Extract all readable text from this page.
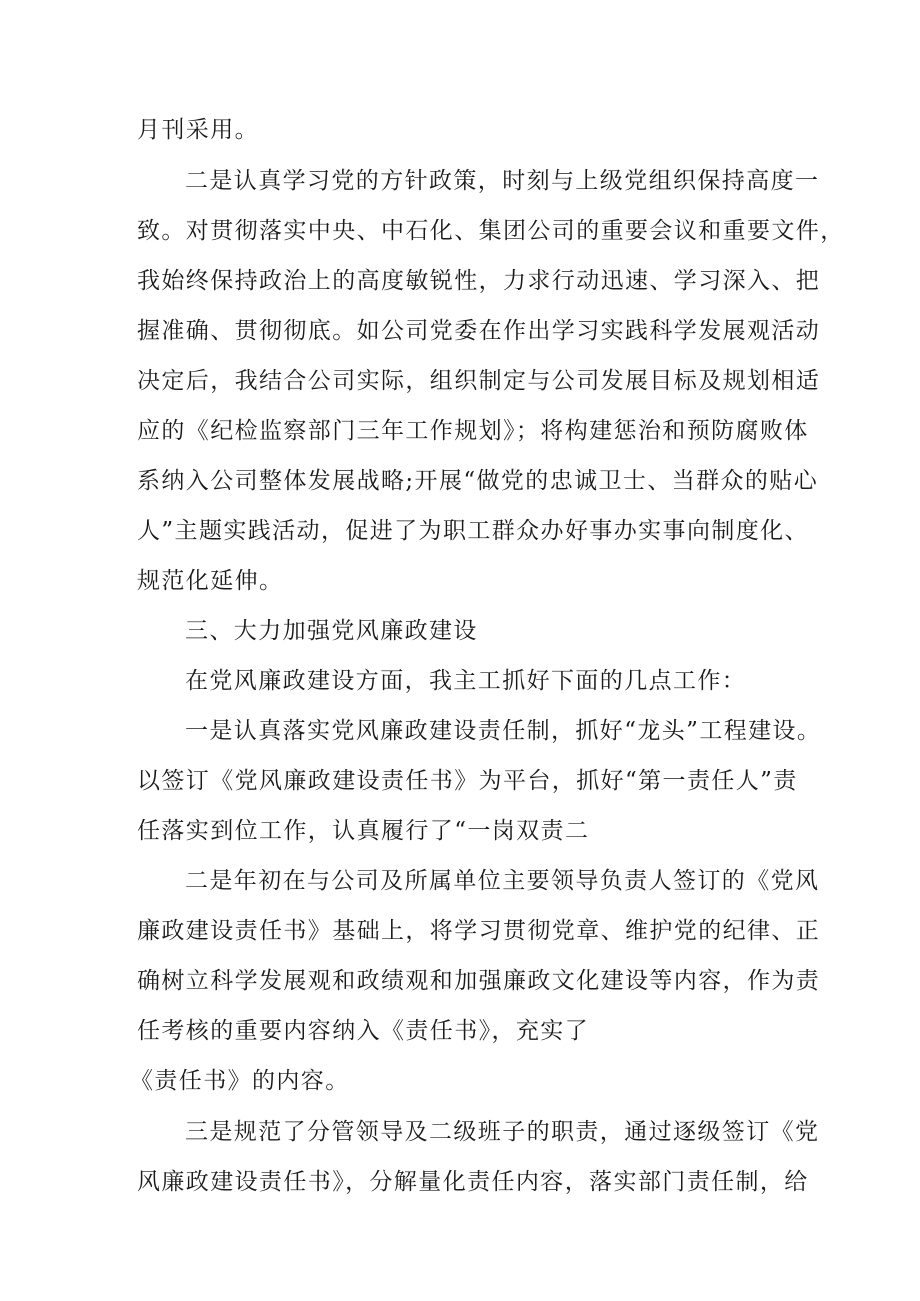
月刊采用。
二是认真学习党的方针政策，时刻与上级党组织保持高度一
致。对贯彻落实中央、中石化、集团公司的重要会议和重要文件，
我始终保持政治上的高度敏锐性，力求行动迅速、学习深入、把
握准确、贯彻彻底。如公司党委在作出学习实践科学发展观活动
决定后，我结合公司实际，组织制定与公司发展目标及规划相适
应的《纪检监察部门三年工作规划》；将构建惩治和预防腐败体
系纳入公司整体发展战略;开展“做党的忠诚卫士、当群众的贴心
人”主题实践活动，促进了为职工群众办好事办实事向制度化、
规范化延伸。
三、大力加强党风廉政建设
在党风廉政建设方面，我主工抓好下面的几点工作：
一是认真落实党风廉政建设责任制，抓好“龙头”工程建设。
以签订《党风廉政建设责任书》为平台，抓好“第一责任人”责
任落实到位工作，认真履行了“一岗双责二
二是年初在与公司及所属单位主要领导负责人签订的《党风
廉政建设责任书》基础上，将学习贯彻党章、维护党的纪律、正
确树立科学发展观和政绩观和加强廉政文化建设等内容，作为责
任考核的重要内容纳入《责任书》，充实了
《责任书》的内容。
三是规范了分管领导及二级班子的职责，通过逐级签订《党
风廉政建设责任书》，分解量化责任内容，落实部门责任制，给
